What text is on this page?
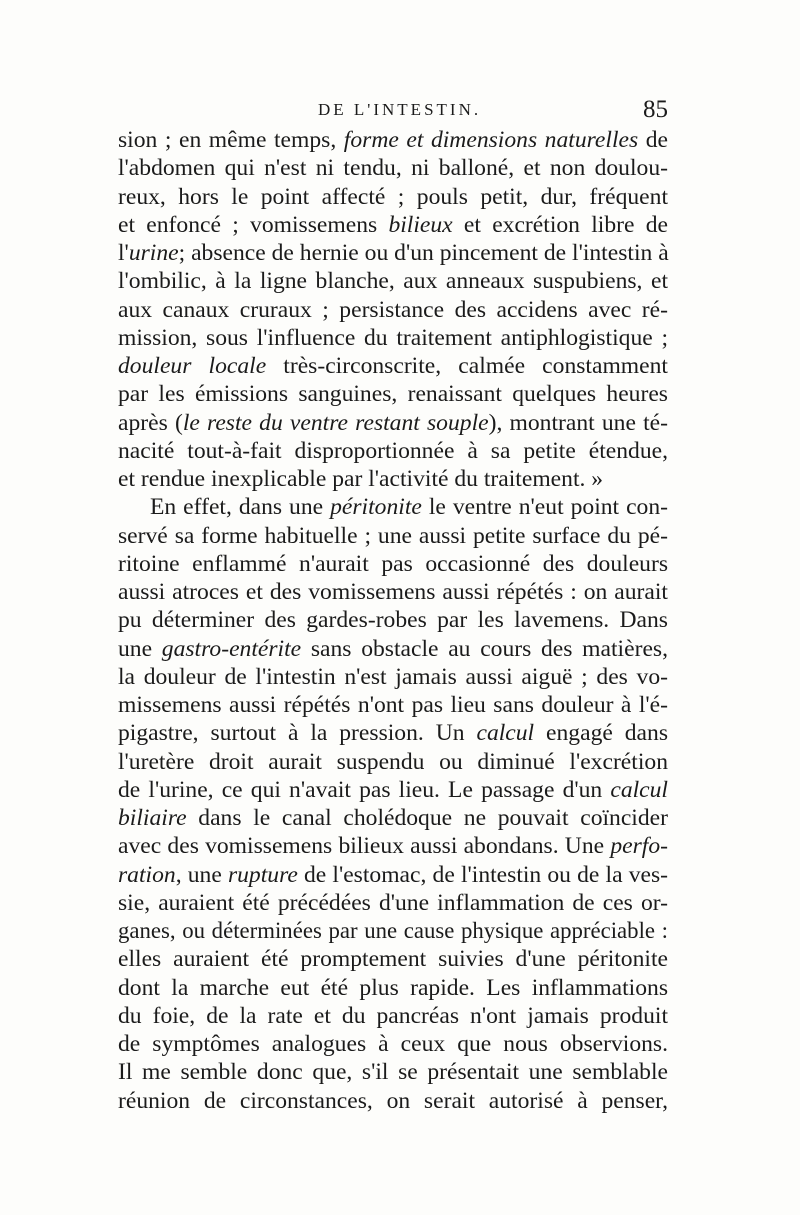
DE L'INTESTIN.	85
sion ; en même temps, forme et dimensions naturelles de
l'abdomen qui n'est ni tendu, ni balloné, et non doulou-
reux, hors le point affecté ; pouls petit, dur, fréquent
et enfoncé ; vomissemens bilieux et excrétion libre de
l'urine; absence de hernie ou d'un pincement de l'intestin à
l'ombilic, à la ligne blanche, aux anneaux suspubiens, et
aux canaux cruraux ; persistance des accidens avec ré-
mission, sous l'influence du traitement antiphlogistique ;
douleur locale très-circonscrite, calmée constamment
par les émissions sanguines, renaissant quelques heures
après (le reste du ventre restant souple), montrant une té-
nacité tout-à-fait disproportionnée à sa petite étendue,
et rendue inexplicable par l'activité du traitement. »
En effet, dans une péritonite le ventre n'eut point con-
servé sa forme habituelle ; une aussi petite surface du pé-
ritoine enflammé n'aurait pas occasionné des douleurs
aussi atroces et des vomissemens aussi répétés : on aurait
pu déterminer des gardes-robes par les lavemens. Dans
une gastro-entérite sans obstacle au cours des matières,
la douleur de l'intestin n'est jamais aussi aiguë ; des vo-
missemens aussi répétés n'ont pas lieu sans douleur à l'é-
pigastre, surtout à la pression. Un calcul engagé dans
l'uretère droit aurait suspendu ou diminué l'excrétion
de l'urine, ce qui n'avait pas lieu. Le passage d'un calcul
biliaire dans le canal cholédoque ne pouvait coïncider
avec des vomissemens bilieux aussi abondans. Une perfo-
ration, une rupture de l'estomac, de l'intestin ou de la ves-
sie, auraient été précédées d'une inflammation de ces or-
ganes, ou déterminées par une cause physique appréciable :
elles auraient été promptement suivies d'une péritonite
dont la marche eut été plus rapide. Les inflammations
du foie, de la rate et du pancréas n'ont jamais produit
de symptômes analogues à ceux que nous observions.
Il me semble donc que, s'il se présentait une semblable
réunion de circonstances, on serait autorisé à penser,
